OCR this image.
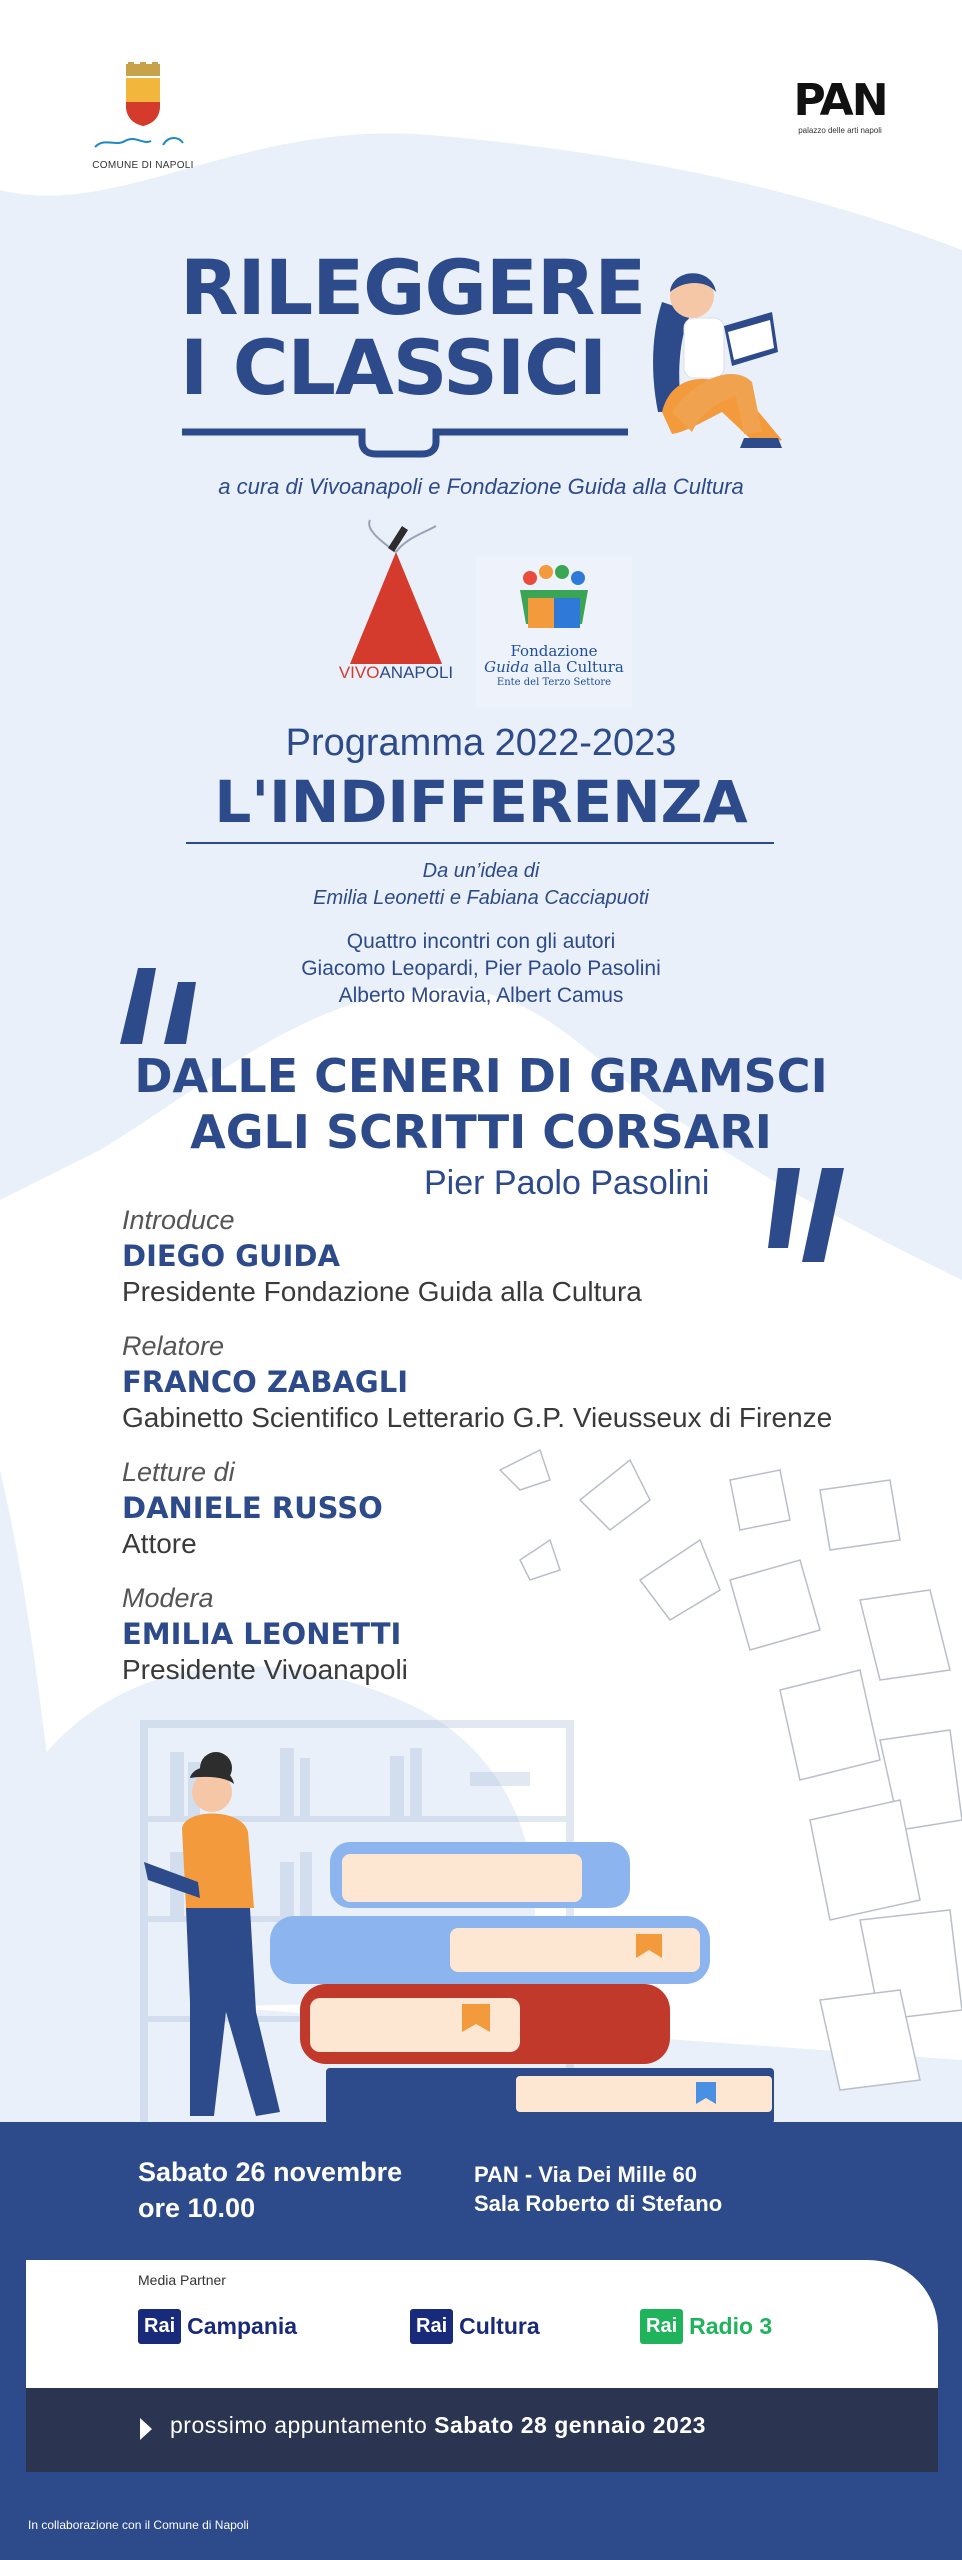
COMUNE DI NAPOLI
PAN
palazzo delle arti napoli
RILEGGERE
I CLASSICI
a cura di Vivoanapoli e Fondazione Guida alla Cultura
VIVOANAPOLI
Fondazione
Guida alla Cultura
Ente del Terzo Settore
Programma 2022-2023
L'INDIFFERENZA
Da un’idea di
Emilia Leonetti e Fabiana Cacciapuoti
Quattro incontri con gli autori
Giacomo Leopardi, Pier Paolo Pasolini
Alberto Moravia, Albert Camus
DALLE CENERI DI GRAMSCI
AGLI SCRITTI CORSARI
Pier Paolo Pasolini
Introduce
DIEGO GUIDA
Presidente Fondazione Guida alla Cultura
Relatore
FRANCO ZABAGLI
Gabinetto Scientifico Letterario G.P. Vieusseux di Firenze
Letture di
DANIELE RUSSO
Attore
Modera
EMILIA LEONETTI
Presidente Vivoanapoli
Sabato 26 novembre
ore 10.00
PAN - Via Dei Mille 60
Sala Roberto di Stefano
Media Partner
Rai Campania	Rai Cultura	Rai Radio 3
prossimo appuntamento Sabato 28 gennaio 2023
In collaborazione con il Comune di Napoli
